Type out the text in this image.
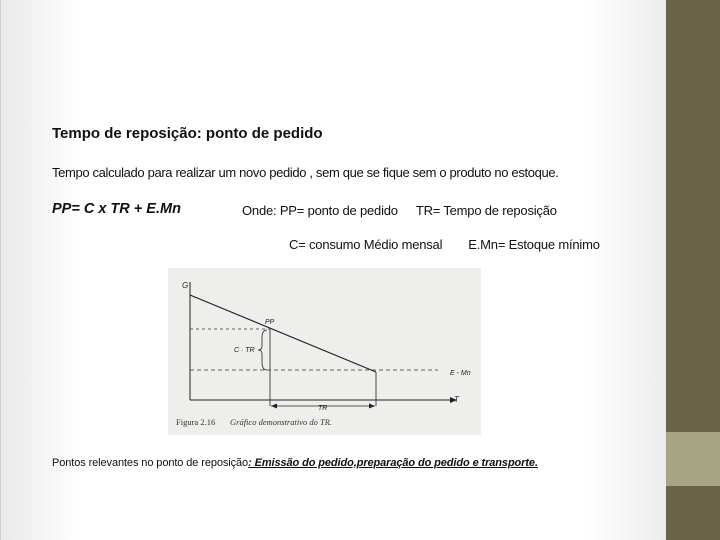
Tempo de reposição: ponto de pedido
Tempo calculado para realizar um novo pedido , sem que se fique sem o produto no estoque.
PP= C x TR + E.Mn	Onde: PP= ponto de pedido TR= Tempo de reposição
C= consumo Médio mensal E.Mn= Estoque mínimo
G
T
E - Mn
PP
C · TR
TR
Figura 2.16 Gráfico demonstrativo do TR.
Pontos relevantes no ponto de reposição: Emissão do pedido,preparação do pedido e transporte.
